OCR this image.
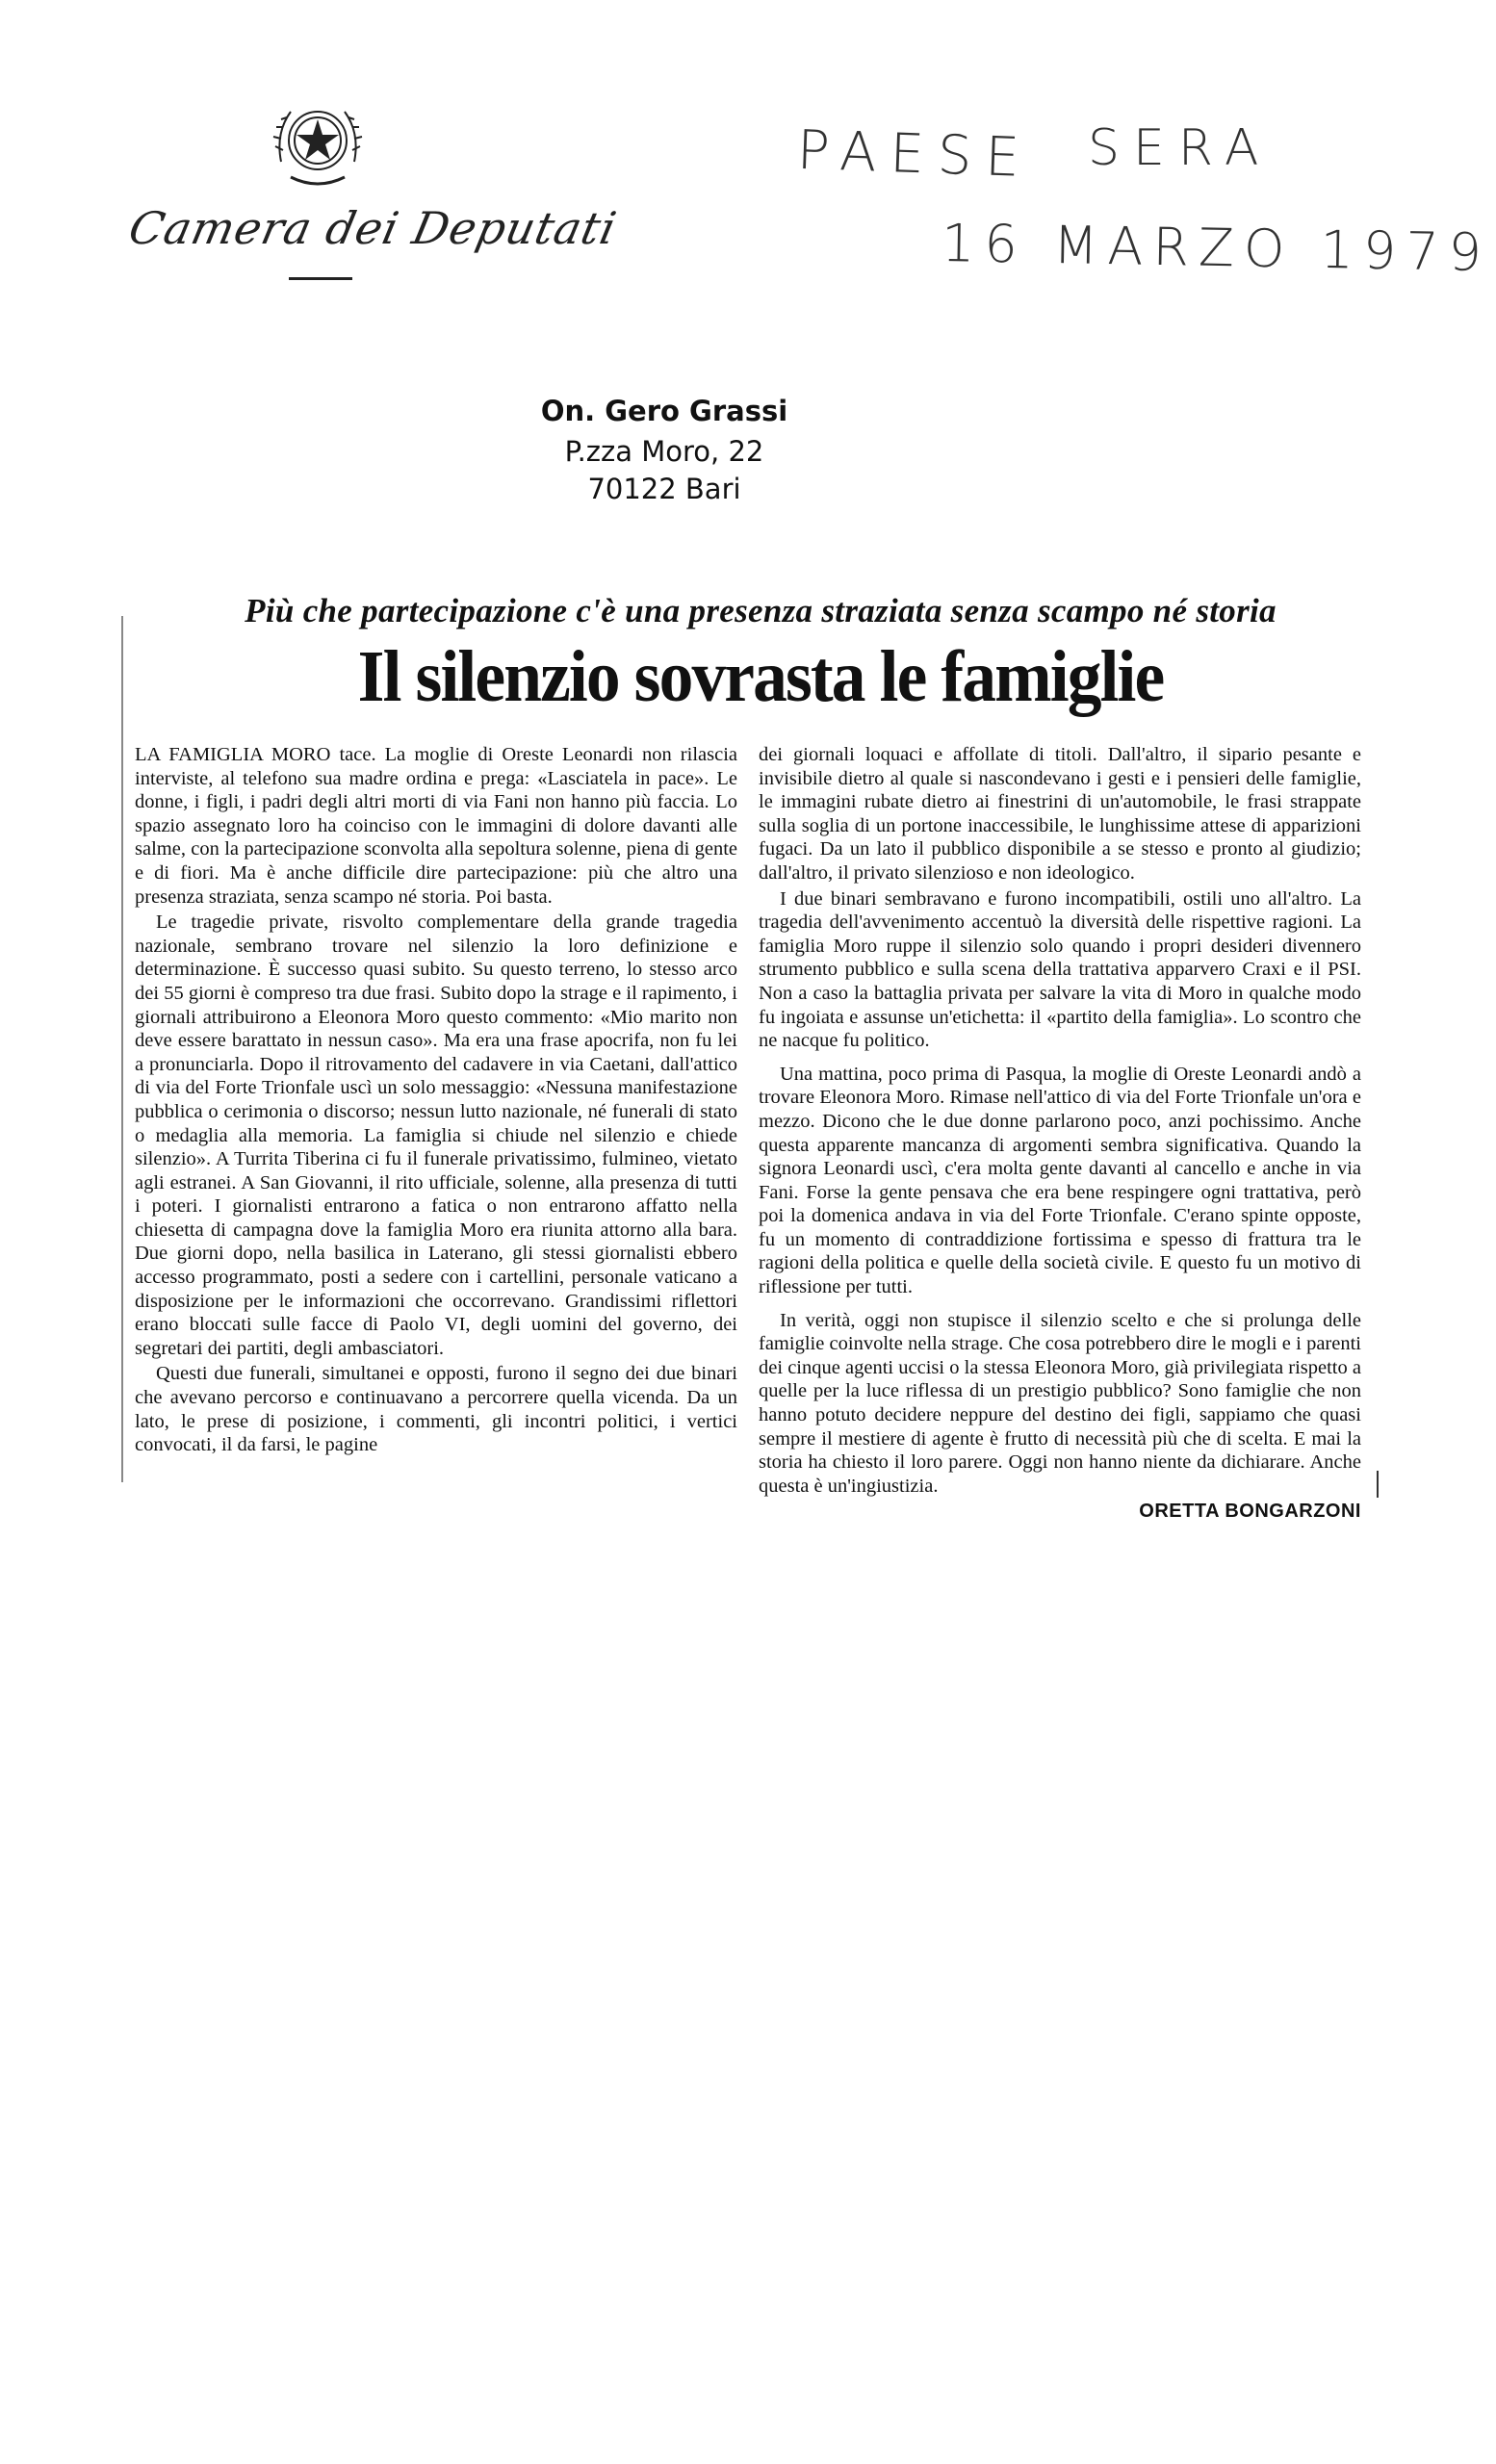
Camera dei Deputati
PAESE SERA
16 MARZO 1979
On. Gero Grassi
P.zza Moro, 22
70122 Bari
Più che partecipazione c'è una presenza straziata senza scampo né storia
Il silenzio sovrasta le famiglie

LA FAMIGLIA MORO tace. La moglie di Oreste Leonardi non rilascia interviste, al telefono sua madre ordina e prega: «Lasciatela in pace». Le donne, i figli, i padri degli altri morti di via Fani non hanno più faccia. Lo spazio assegnato loro ha coinciso con le immagini di dolore davanti alle salme, con la partecipazione sconvolta alla sepoltura solenne, piena di gente e di fiori. Ma è anche difficile dire partecipazione: più che altro una presenza straziata, senza scampo né storia. Poi basta.

Le tragedie private, risvolto complementare della grande tragedia nazionale, sembrano trovare nel silenzio la loro definizione e determinazione. È successo quasi subito. Su questo terreno, lo stesso arco dei 55 giorni è compreso tra due frasi. Subito dopo la strage e il rapimento, i giornali attribuirono a Eleonora Moro questo commento: «Mio marito non deve essere barattato in nessun caso». Ma era una frase apocrifa, non fu lei a pronunciarla. Dopo il ritrovamento del cadavere in via Caetani, dall'attico di via del Forte Trionfale uscì un solo messaggio: «Nessuna manifestazione pubblica o cerimonia o discorso; nessun lutto nazionale, né funerali di stato o medaglia alla memoria. La famiglia si chiude nel silenzio e chiede silenzio». A Turrita Tiberina ci fu il funerale privatissimo, fulmineo, vietato agli estranei. A San Giovanni, il rito ufficiale, solenne, alla presenza di tutti i poteri. I giornalisti entrarono a fatica o non entrarono affatto nella chiesetta di campagna dove la famiglia Moro era riunita attorno alla bara. Due giorni dopo, nella basilica in Laterano, gli stessi giornalisti ebbero accesso programmato, posti a sedere con i cartellini, personale vaticano a disposizione per le informazioni che occorrevano. Grandissimi riflettori erano bloccati sulle facce di Paolo VI, degli uomini del governo, dei segretari dei partiti, degli ambasciatori.

Questi due funerali, simultanei e opposti, furono il segno dei due binari che avevano percorso e continuavano a percorrere quella vicenda. Da un lato, le prese di posizione, i commenti, gli incontri politici, i vertici convocati, il da farsi, le pagine

dei giornali loquaci e affollate di titoli. Dall'altro, il sipario pesante e invisibile dietro al quale si nascondevano i gesti e i pensieri delle famiglie, le immagini rubate dietro ai finestrini di un'automobile, le frasi strappate sulla soglia di un portone inaccessibile, le lunghissime attese di apparizioni fugaci. Da un lato il pubblico disponibile a se stesso e pronto al giudizio; dall'altro, il privato silenzioso e non ideologico.

I due binari sembravano e furono incompatibili, ostili uno all'altro. La tragedia dell'avvenimento accentuò la diversità delle rispettive ragioni. La famiglia Moro ruppe il silenzio solo quando i propri desideri divennero strumento pubblico e sulla scena della trattativa apparvero Craxi e il PSI. Non a caso la battaglia privata per salvare la vita di Moro in qualche modo fu ingoiata e assunse un'etichetta: il «partito della famiglia». Lo scontro che ne nacque fu politico.

Una mattina, poco prima di Pasqua, la moglie di Oreste Leonardi andò a trovare Eleonora Moro. Rimase nell'attico di via del Forte Trionfale un'ora e mezzo. Dicono che le due donne parlarono poco, anzi pochissimo. Anche questa apparente mancanza di argomenti sembra significativa. Quando la signora Leonardi uscì, c'era molta gente davanti al cancello e anche in via Fani. Forse la gente pensava che era bene respingere ogni trattativa, però poi la domenica andava in via del Forte Trionfale. C'erano spinte opposte, fu un momento di contraddizione fortissima e spesso di frattura tra le ragioni della politica e quelle della società civile. E questo fu un motivo di riflessione per tutti.

In verità, oggi non stupisce il silenzio scelto e che si prolunga delle famiglie coinvolte nella strage. Che cosa potrebbero dire le mogli e i parenti dei cinque agenti uccisi o la stessa Eleonora Moro, già privilegiata rispetto a quelle per la luce riflessa di un prestigio pubblico? Sono famiglie che non hanno potuto decidere neppure del destino dei figli, sappiamo che quasi sempre il mestiere di agente è frutto di necessità più che di scelta. E mai la storia ha chiesto il loro parere. Oggi non hanno niente da dichiarare. Anche questa è un'ingiustizia.

ORETTA BONGARZONI
